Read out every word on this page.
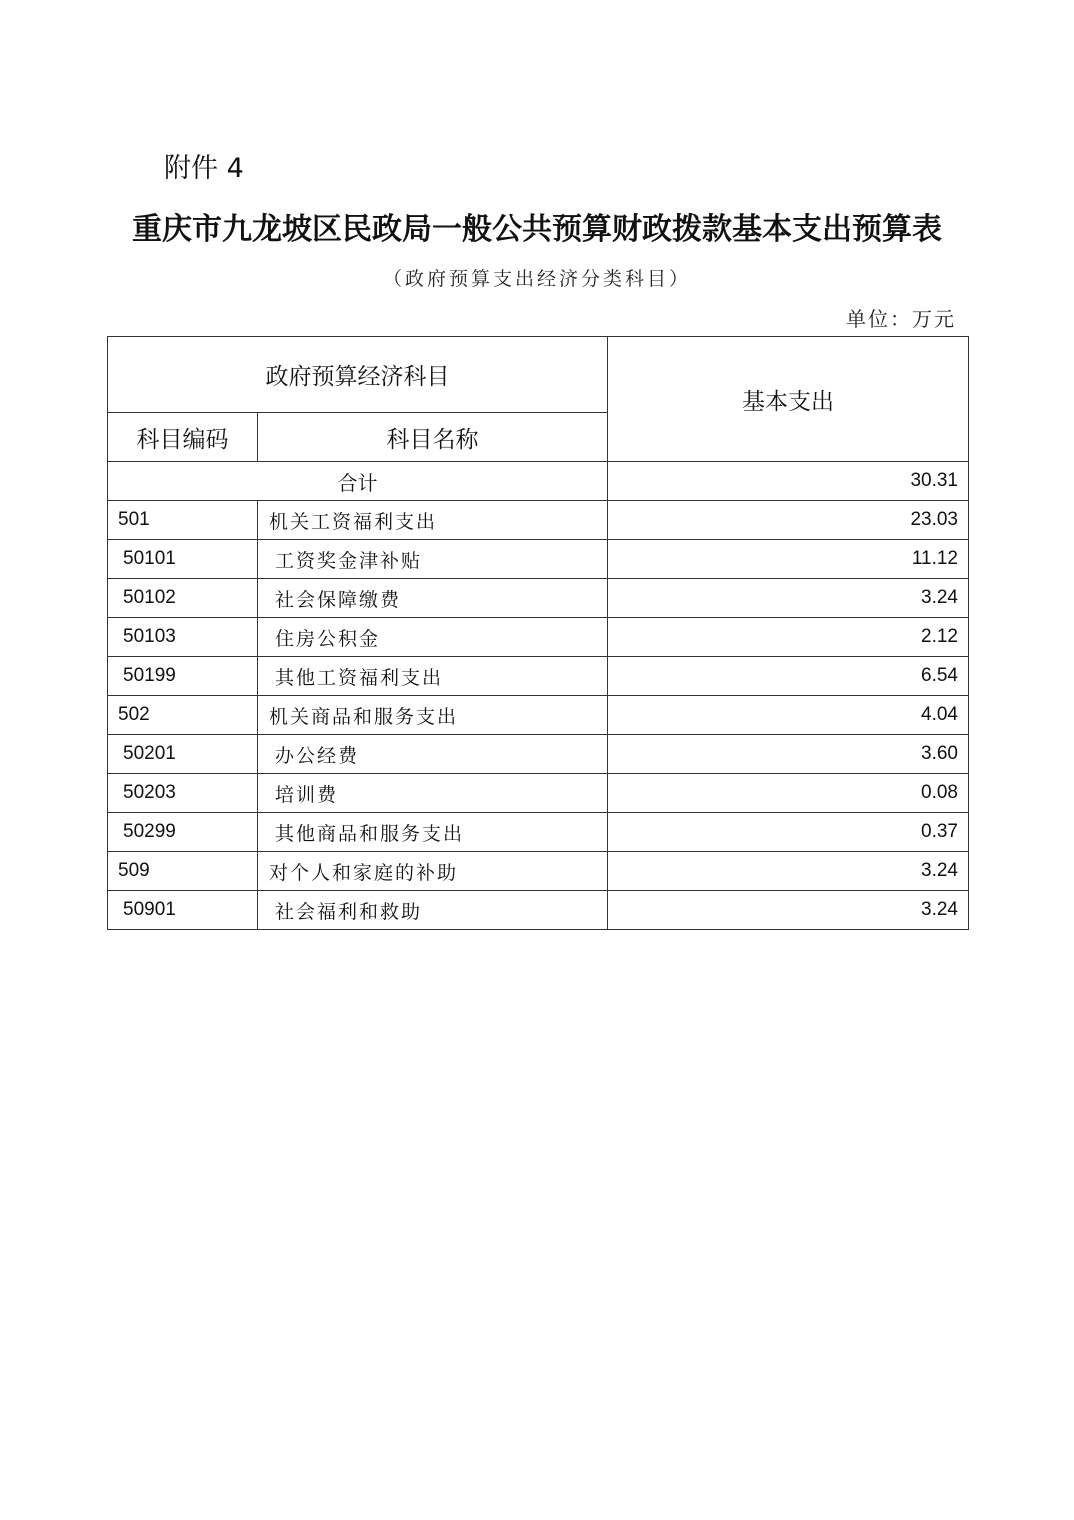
附件 4
重庆市九龙坡区民政局一般公共预算财政拨款基本支出预算表
（政府预算支出经济分类科目）
单位：万元
政府预算经济科目		基本支出
科目编码	科目名称	
合计		30.31
501	机关工资福利支出	23.03
50101	工资奖金津补贴	11.12
50102	社会保障缴费	3.24
50103	住房公积金	2.12
50199	其他工资福利支出	6.54
502	机关商品和服务支出	4.04
50201	办公经费	3.60
50203	培训费	0.08
50299	其他商品和服务支出	0.37
509	对个人和家庭的补助	3.24
50901	社会福利和救助	3.24
